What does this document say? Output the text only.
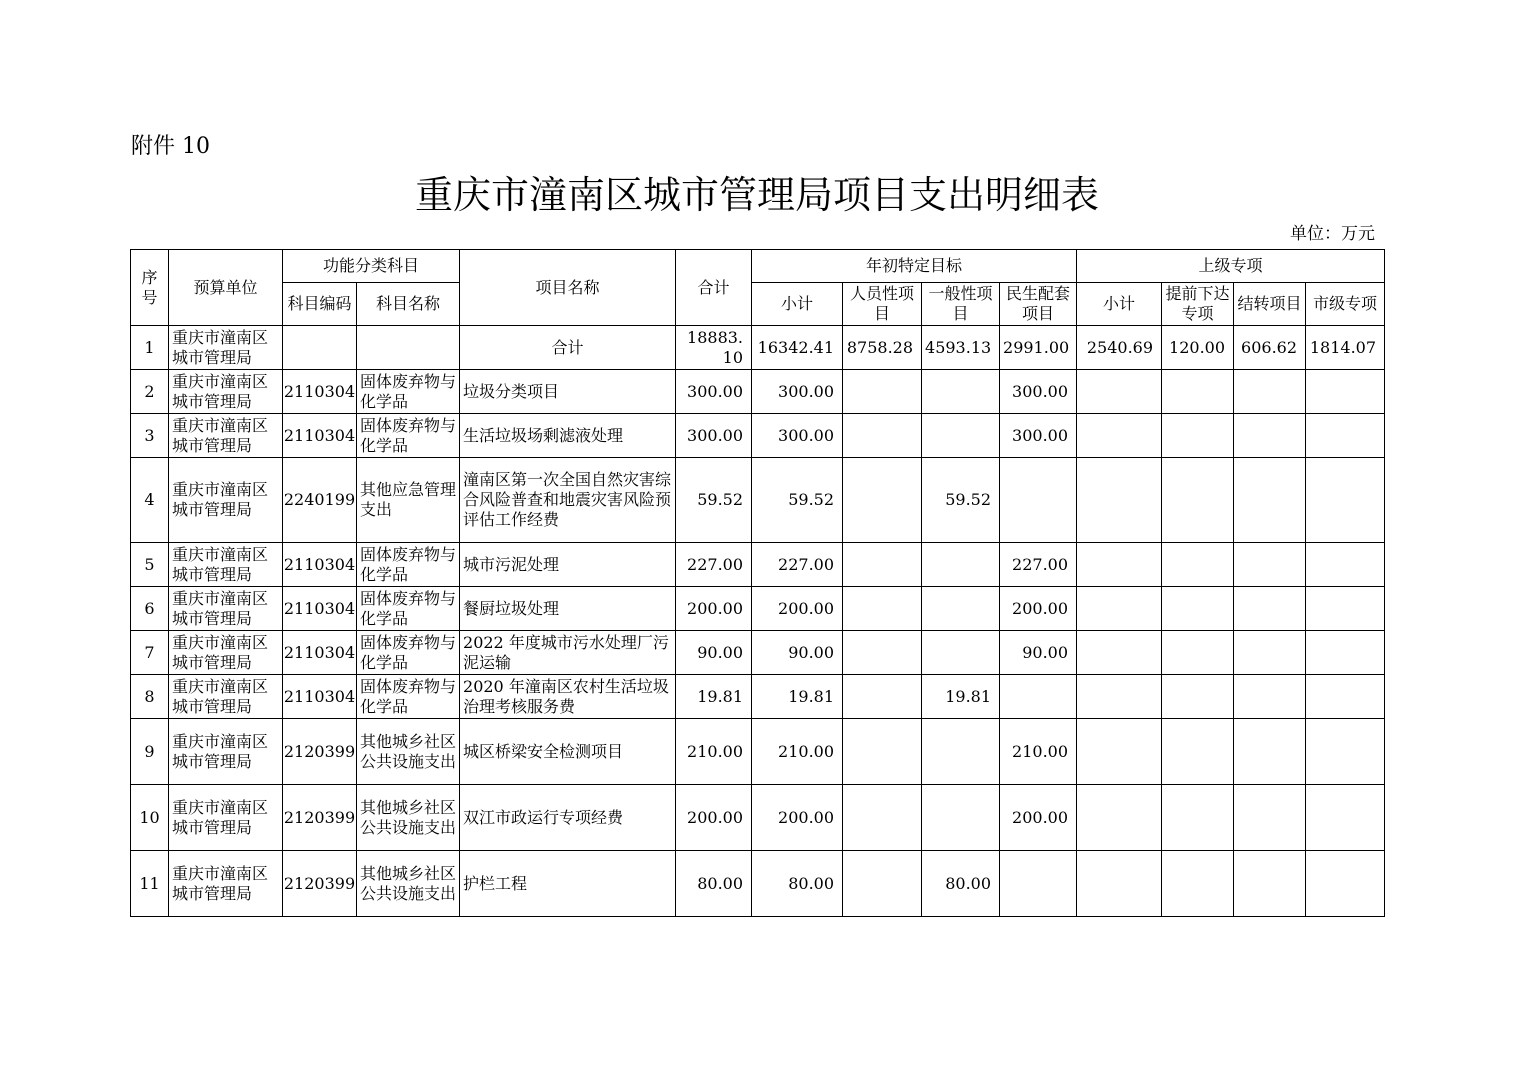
附件 10
重庆市潼南区城市管理局项目支出明细表
单位：万元
序号	预算单位	功能分类科目		项目名称	合计	年初特定目标				上级专项			
		科目编码	科目名称			小计	人员性项目	一般性项目	民生配套项目	小计	提前下达专项	结转项目	市级专项
1	重庆市潼南区城市管理局			合计	18883.10	16342.41	8758.28	4593.13	2991.00	2540.69	120.00	606.62	1814.07
2	重庆市潼南区城市管理局	2110304	固体废弃物与化学品	垃圾分类项目	300.00	300.00			300.00				
3	重庆市潼南区城市管理局	2110304	固体废弃物与化学品	生活垃圾场剩滤液处理	300.00	300.00			300.00				
4	重庆市潼南区城市管理局	2240199	其他应急管理支出	潼南区第一次全国自然灾害综合风险普查和地震灾害风险预评估工作经费	59.52	59.52		59.52					
5	重庆市潼南区城市管理局	2110304	固体废弃物与化学品	城市污泥处理	227.00	227.00			227.00				
6	重庆市潼南区城市管理局	2110304	固体废弃物与化学品	餐厨垃圾处理	200.00	200.00			200.00				
7	重庆市潼南区城市管理局	2110304	固体废弃物与化学品	2022 年度城市污水处理厂污泥运输	90.00	90.00			90.00				
8	重庆市潼南区城市管理局	2110304	固体废弃物与化学品	2020 年潼南区农村生活垃圾治理考核服务费	19.81	19.81		19.81					
9	重庆市潼南区城市管理局	2120399	其他城乡社区公共设施支出	城区桥梁安全检测项目	210.00	210.00			210.00				
10	重庆市潼南区城市管理局	2120399	其他城乡社区公共设施支出	双江市政运行专项经费	200.00	200.00			200.00				
11	重庆市潼南区城市管理局	2120399	其他城乡社区公共设施支出	护栏工程	80.00	80.00		80.00					
